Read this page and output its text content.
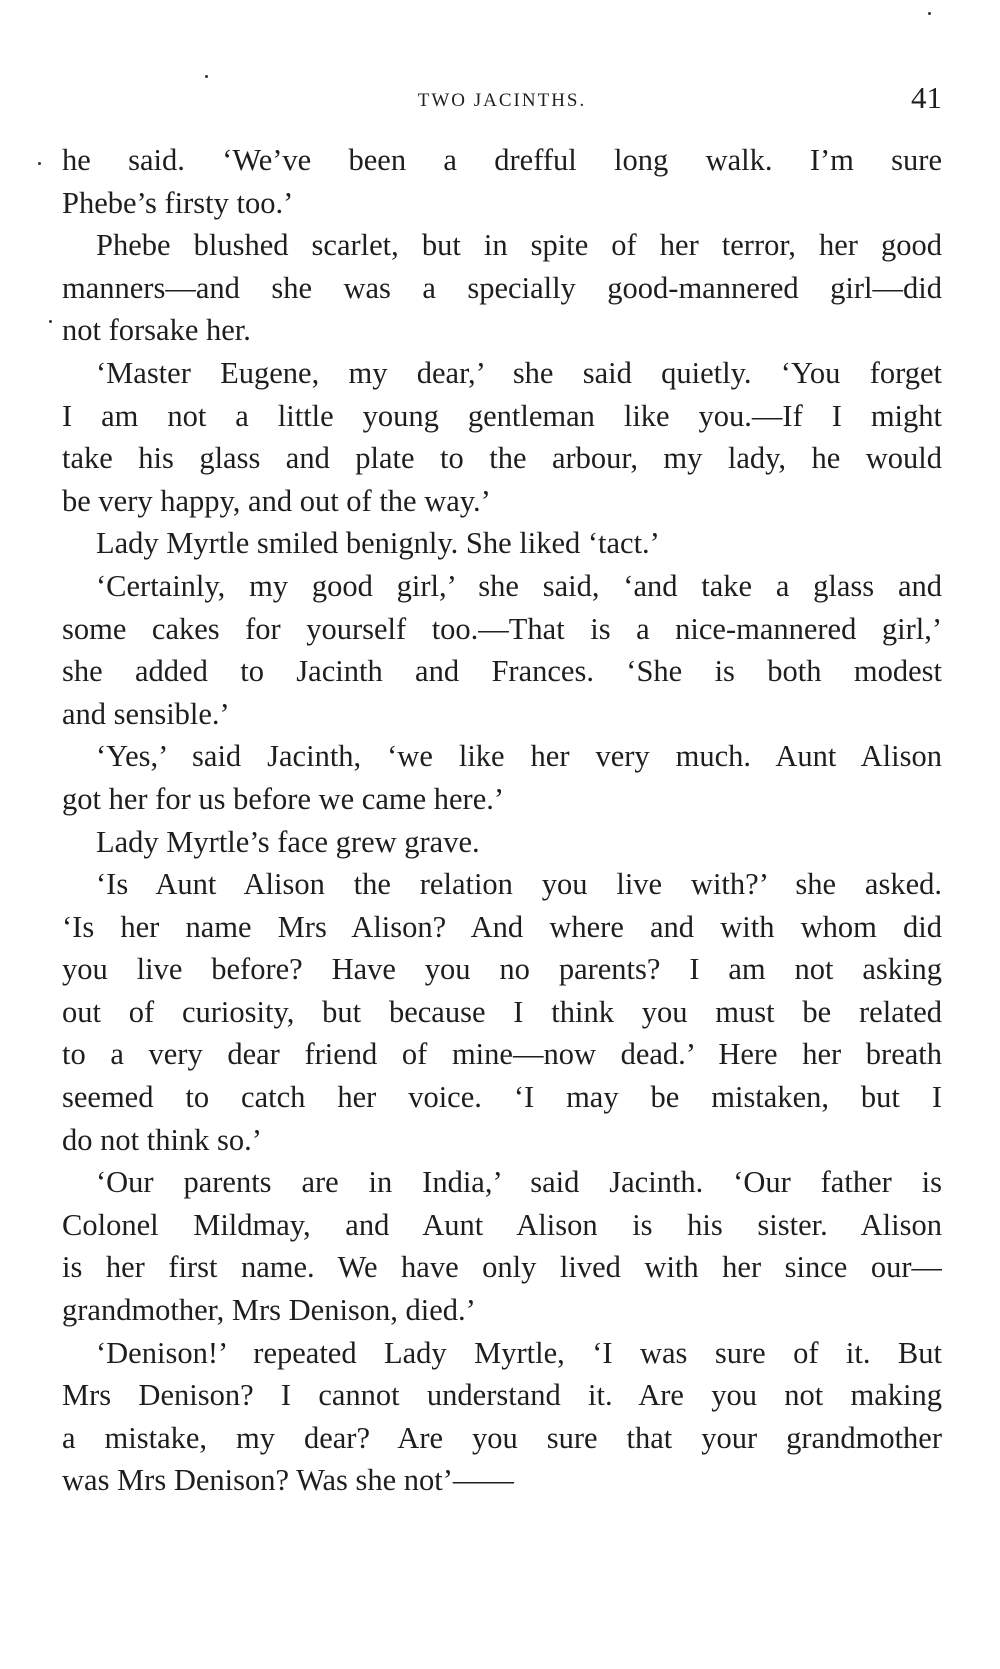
TWO JACINTHS.	41
he said. ‘We’ve been a drefful long walk. I’m sure
Phebe’s firsty too.’
Phebe blushed scarlet, but in spite of her terror, her good
manners—and she was a specially good-mannered girl—did
not forsake her.
‘Master Eugene, my dear,’ she said quietly. ‘You forget
I am not a little young gentleman like you.—If I might
take his glass and plate to the arbour, my lady, he would
be very happy, and out of the way.’
Lady Myrtle smiled benignly. She liked ‘tact.’
‘Certainly, my good girl,’ she said, ‘and take a glass and
some cakes for yourself too.—That is a nice-mannered girl,’
she added to Jacinth and Frances. ‘She is both modest
and sensible.’
‘Yes,’ said Jacinth, ‘we like her very much. Aunt Alison
got her for us before we came here.’
Lady Myrtle’s face grew grave.
‘Is Aunt Alison the relation you live with?’ she asked.
‘Is her name Mrs Alison? And where and with whom did
you live before? Have you no parents? I am not asking
out of curiosity, but because I think you must be related
to a very dear friend of mine—now dead.’ Here her breath
seemed to catch her voice. ‘I may be mistaken, but I
do not think so.’
‘Our parents are in India,’ said Jacinth. ‘Our father is
Colonel Mildmay, and Aunt Alison is his sister. Alison
is her first name. We have only lived with her since our—
grandmother, Mrs Denison, died.’
‘Denison!’ repeated Lady Myrtle, ‘I was sure of it. But
Mrs Denison? I cannot understand it. Are you not making
a mistake, my dear? Are you sure that your grandmother
was Mrs Denison? Was she not’——
